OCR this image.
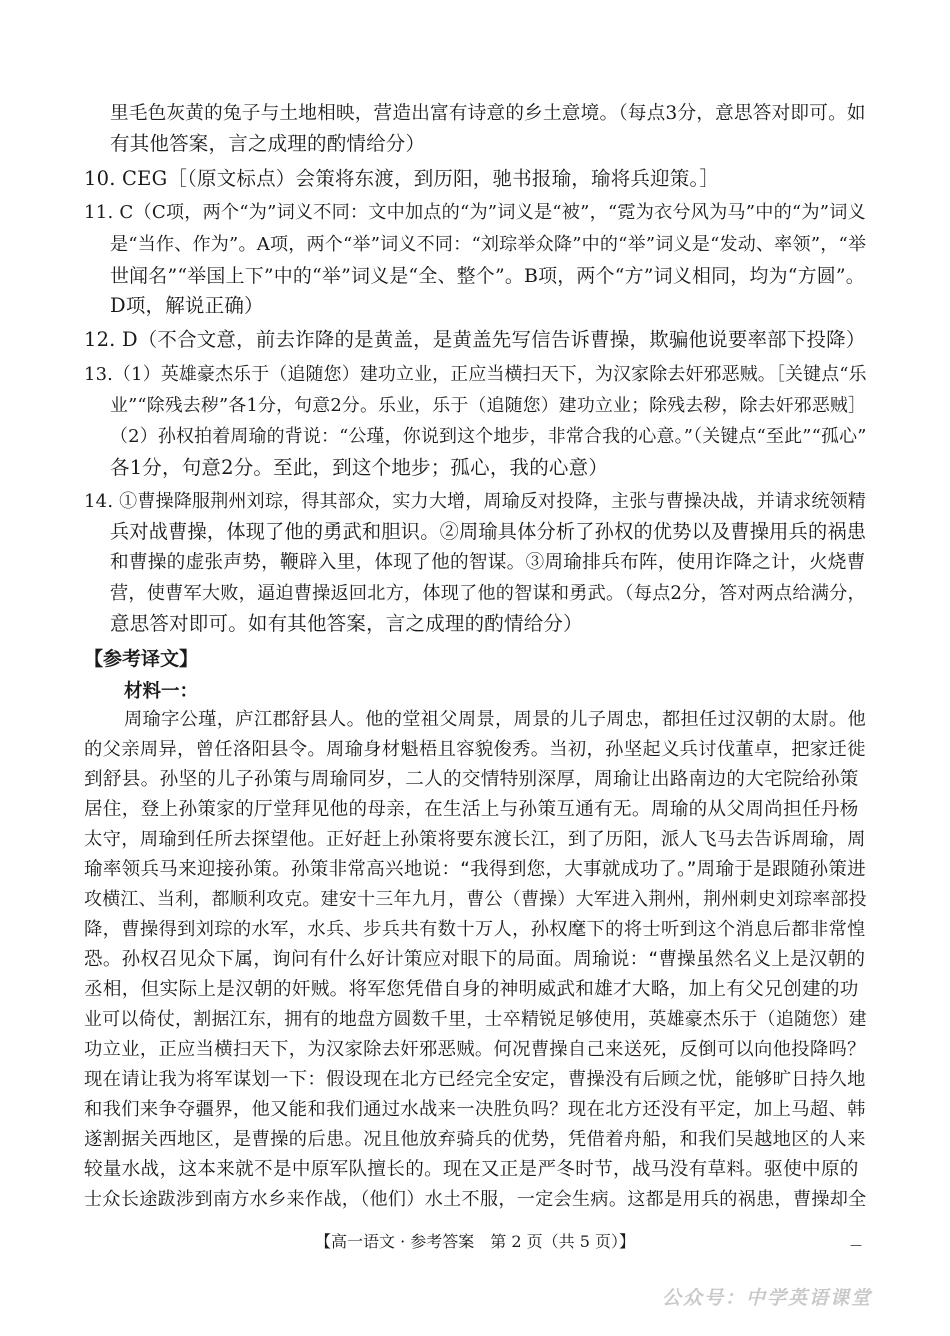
里毛色灰黄的兔子与土地相映，营造出富有诗意的乡土意境。（每点3分，意思答对即可。如
有其他答案，言之成理的酌情给分）
10. CEG［（原文标点）会策将东渡，到历阳，驰书报瑜，瑜将兵迎策。］
11. C（C项，两个“为”词义不同：文中加点的“为”词义是“被”，“霓为衣兮风为马”中的“为”词义
是“当作、作为”。A项，两个“举”词义不同：“刘琮举众降”中的“举”词义是“发动、率领”，“举
世闻名”“举国上下”中的“举”词义是“全、整个”。B项，两个“方”词义相同，均为“方圆”。
D项，解说正确）
12. D（不合文意，前去诈降的是黄盖，是黄盖先写信告诉曹操，欺骗他说要率部下投降）
13.（1）英雄豪杰乐于（追随您）建功立业，正应当横扫天下，为汉家除去奸邪恶贼。［关键点“乐
业”“除残去秽”各1分，句意2分。乐业，乐于（追随您）建功立业；除残去秽，除去奸邪恶贼］
（2）孙权拍着周瑜的背说：“公瑾，你说到这个地步，非常合我的心意。”（关键点“至此”“孤心”
各1分，句意2分。至此，到这个地步；孤心，我的心意）
14. ①曹操降服荆州刘琮，得其部众，实力大增，周瑜反对投降，主张与曹操决战，并请求统领精
兵对战曹操，体现了他的勇武和胆识。②周瑜具体分析了孙权的优势以及曹操用兵的祸患
和曹操的虚张声势，鞭辟入里，体现了他的智谋。③周瑜排兵布阵，使用诈降之计，火烧曹
营，使曹军大败，逼迫曹操返回北方，体现了他的智谋和勇武。（每点2分，答对两点给满分，
意思答对即可。如有其他答案，言之成理的酌情给分）
【参考译文】
材料一：
周瑜字公瑾，庐江郡舒县人。他的堂祖父周景，周景的儿子周忠，都担任过汉朝的太尉。他
的父亲周异，曾任洛阳县令。周瑜身材魁梧且容貌俊秀。当初，孙坚起义兵讨伐董卓，把家迁徙
到舒县。孙坚的儿子孙策与周瑜同岁，二人的交情特别深厚，周瑜让出路南边的大宅院给孙策
居住，登上孙策家的厅堂拜见他的母亲，在生活上与孙策互通有无。周瑜的从父周尚担任丹杨
太守，周瑜到任所去探望他。正好赶上孙策将要东渡长江，到了历阳，派人飞马去告诉周瑜，周
瑜率领兵马来迎接孙策。孙策非常高兴地说：“我得到您，大事就成功了。”周瑜于是跟随孙策进
攻横江、当利，都顺利攻克。建安十三年九月，曹公（曹操）大军进入荆州，荆州刺史刘琮率部投
降，曹操得到刘琮的水军，水兵、步兵共有数十万人，孙权麾下的将士听到这个消息后都非常惶
恐。孙权召见众下属，询问有什么好计策应对眼下的局面。周瑜说：“曹操虽然名义上是汉朝的
丞相，但实际上是汉朝的奸贼。将军您凭借自身的神明威武和雄才大略，加上有父兄创建的功
业可以倚仗，割据江东，拥有的地盘方圆数千里，士卒精锐足够使用，英雄豪杰乐于（追随您）建
功立业，正应当横扫天下，为汉家除去奸邪恶贼。何况曹操自己来送死，反倒可以向他投降吗？
现在请让我为将军谋划一下：假设现在北方已经完全安定，曹操没有后顾之忧，能够旷日持久地
和我们来争夺疆界，他又能和我们通过水战来一决胜负吗？现在北方还没有平定，加上马超、韩
遂割据关西地区，是曹操的后患。况且他放弃骑兵的优势，凭借着舟船，和我们吴越地区的人来
较量水战，这本来就不是中原军队擅长的。现在又正是严冬时节，战马没有草料。驱使中原的
士众长途跋涉到南方水乡来作战，（他们）水土不服，一定会生病。这都是用兵的祸患，曹操却全
【高一语文 · 参考答案　第 2 页（共 5 页）】	—
公众号：中学英语课堂
